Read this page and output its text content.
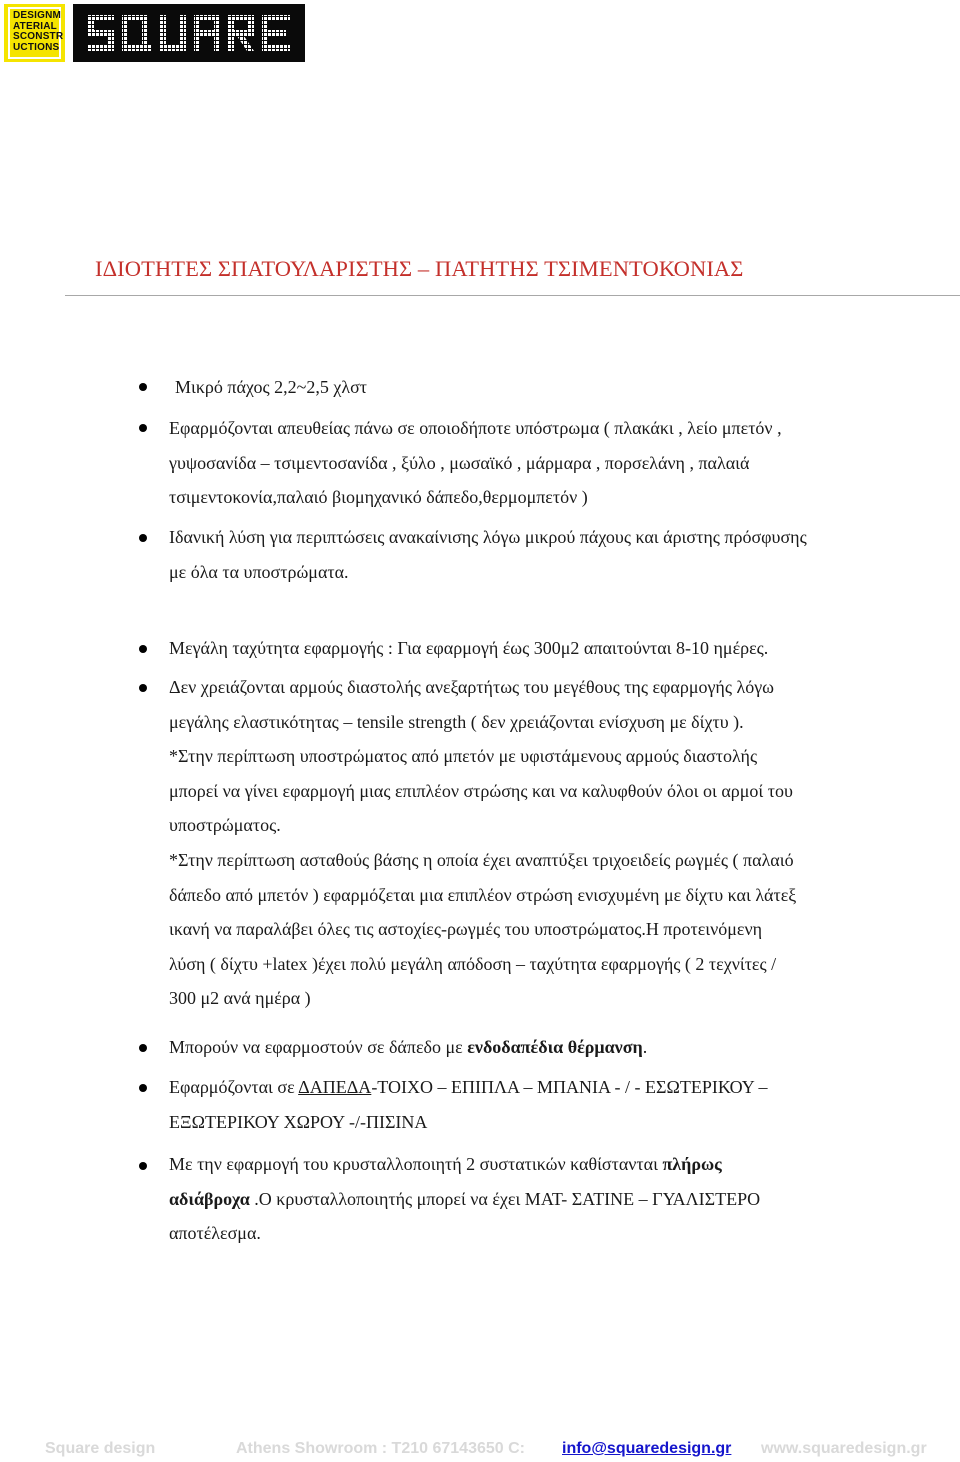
DESIGNM
ATERIAL
SCONSTR
UCTIONS
ΙΔΙΟΤΗΤΕΣ ΣΠΑΤΟΥΛΑΡΙΣΤΗΣ – ΠΑΤΗΤΗΣ ΤΣΙΜΕΝΤΟΚΟΝΙΑΣ

Μικρό πάχος 2,2~2,5 χλστ

Εφαρμόζονται απευθείας πάνω σε οποιοδήποτε υπόστρωμα ( πλακάκι , λείο μπετόν ,
γυψοσανίδα – τσιμεντοσανίδα , ξύλο , μωσαϊκό , μάρμαρα , πορσελάνη , παλαιά
τσιμεντοκονία,παλαιό βιομηχανικό δάπεδο,θερμομπετόν )

Ιδανική λύση για περιπτώσεις ανακαίνισης λόγω μικρού πάχους και άριστης πρόσφυσης
με όλα τα υποστρώματα.

Μεγάλη ταχύτητα εφαρμογής : Για εφαρμογή έως 300μ2 απαιτούνται 8-10 ημέρες.

Δεν χρειάζονται αρμούς διαστολής ανεξαρτήτως του μεγέθους της εφαρμογής λόγω
μεγάλης ελαστικότητας – tensile strength ( δεν χρειάζονται ενίσχυση με δίχτυ ).
*Στην περίπτωση υποστρώματος από μπετόν με υφιστάμενους αρμούς διαστολής
μπορεί να γίνει εφαρμογή μιας επιπλέον στρώσης και να καλυφθούν όλοι οι αρμοί του
υποστρώματος.
*Στην περίπτωση ασταθούς βάσης η οποία έχει αναπτύξει τριχοειδείς ρωγμές ( παλαιό
δάπεδο από μπετόν ) εφαρμόζεται μια επιπλέον στρώση ενισχυμένη με δίχτυ και λάτεξ
ικανή να παραλάβει όλες τις αστοχίες-ρωγμές του υποστρώματος.Η προτεινόμενη
λύση ( δίχτυ +latex )έχει πολύ μεγάλη απόδοση – ταχύτητα εφαρμογής ( 2 τεχνίτες /
300 μ2 ανά ημέρα )

Μπορούν να εφαρμοστούν σε δάπεδο με ενδοδαπέδια θέρμανση.

Εφαρμόζονται σε ΔΑΠΕΔΑ-ΤΟΙΧΟ – ΕΠΙΠΛΑ – ΜΠΑΝΙΑ - / - ΕΣΩΤΕΡΙΚΟΥ –
ΕΞΩΤΕΡΙΚΟΥ ΧΩΡΟΥ -/-ΠΙΣΙΝΑ

Με την εφαρμογή του κρυσταλλοποιητή 2 συστατικών καθίστανται πλήρως
αδιάβροχα .Ο κρυσταλλοποιητής μπορεί να έχει ΜΑΤ- ΣΑΤΙΝΕ – ΓΥΑΛΙΣΤΕΡΟ
αποτέλεσμα.

Square design	Athens Showroom : T210 67143650 C: info@squaredesign.gr www.squaredesign.gr
